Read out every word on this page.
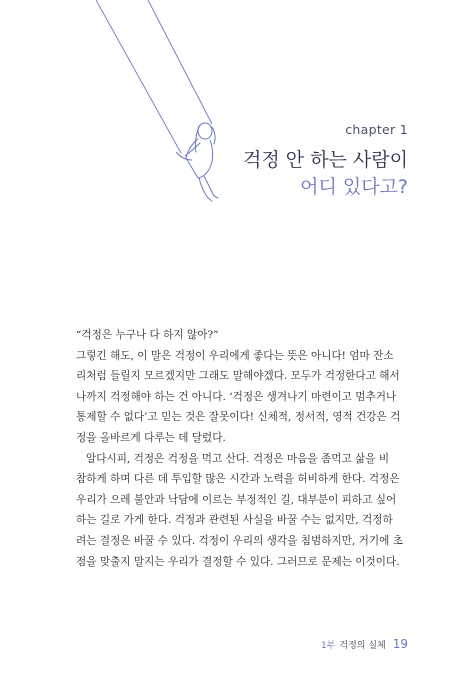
chapter 1
걱정 안 하는 사람이
어디 있다고?

“걱정은 누구나 다 하지 않아?”

그렇긴 해도, 이 말은 걱정이 우리에게 좋다는 뜻은 아니다! 엄마 잔소

리처럼 들릴지 모르겠지만 그래도 말해야겠다. 모두가 걱정한다고 해서

나까지 걱정해야 하는 건 아니다. ‘걱정은 생겨나기 마련이고 멈추거나

통제할 수 없다’고 믿는 것은 잘못이다! 신체적, 정서적, 영적 건강은 걱

정을 올바르게 다루는 데 달렸다.

알다시피, 걱정은 걱정을 먹고 산다. 걱정은 마음을 좀먹고 삶을 비

참하게 하며 다른 데 투입할 많은 시간과 노력을 허비하게 한다. 걱정은

우리가 으레 불안과 낙담에 이르는 부정적인 길, 대부분이 피하고 싶어

하는 길로 가게 한다. 걱정과 관련된 사실을 바꿀 수는 없지만, 걱정하

려는 결정은 바꿀 수 있다. 걱정이 우리의 생각을 침범하지만, 거기에 초

점을 맞출지 말지는 우리가 결정할 수 있다. 그러므로 문제는 이것이다.

1부 걱정의 실체 19
